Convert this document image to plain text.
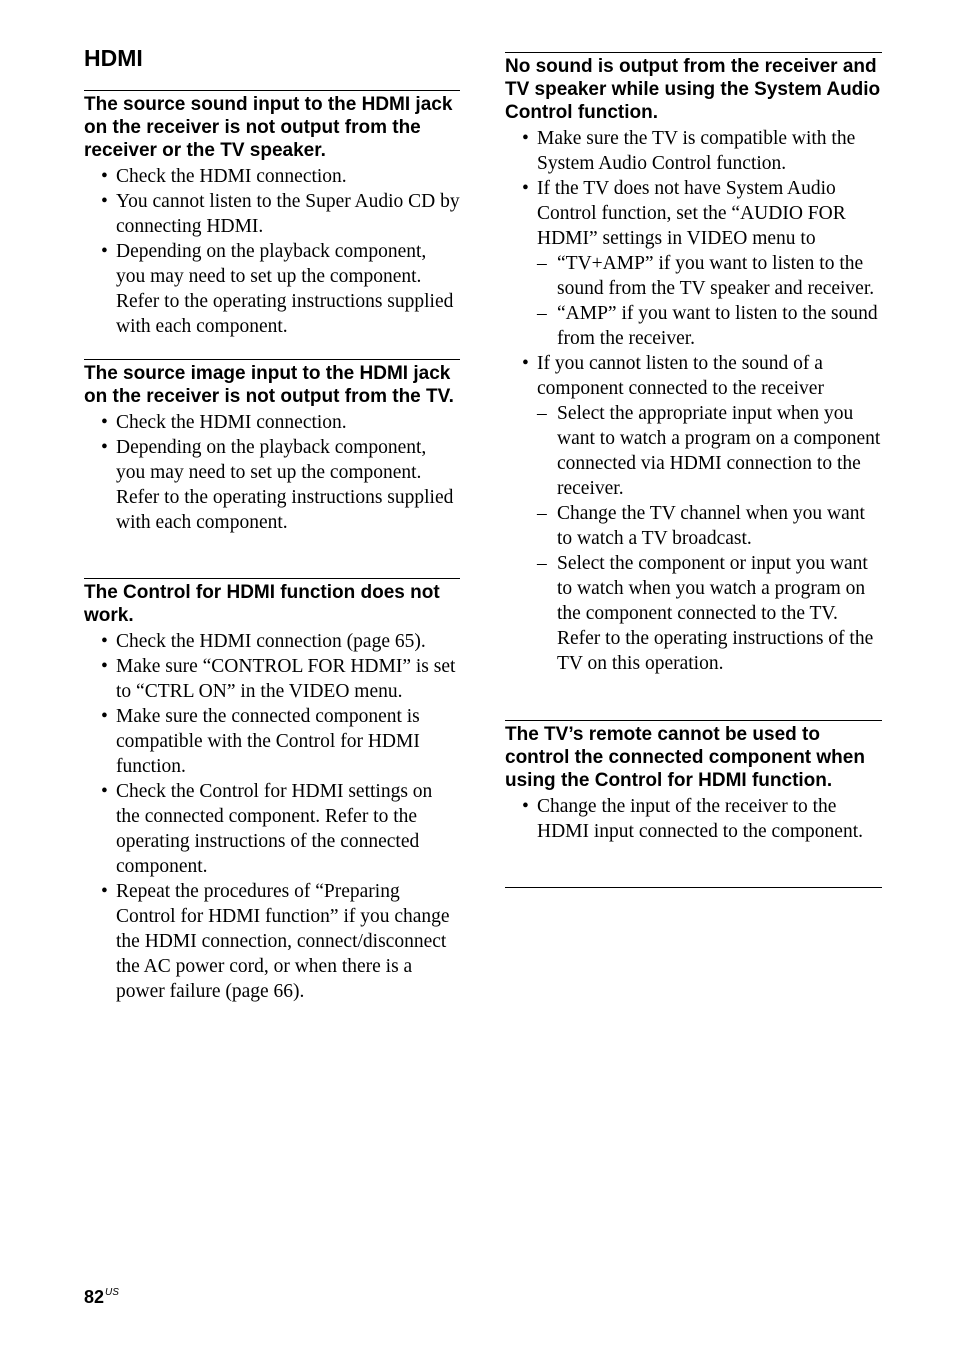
HDMI
The source sound input to the HDMI jack on the receiver is not output from the receiver or the TV speaker.
• Check the HDMI connection.
• You cannot listen to the Super Audio CD by connecting HDMI.
• Depending on the playback component, you may need to set up the component. Refer to the operating instructions supplied with each component.
The source image input to the HDMI jack on the receiver is not output from the TV.
• Check the HDMI connection.
• Depending on the playback component, you may need to set up the component. Refer to the operating instructions supplied with each component.
The Control for HDMI function does not work.
• Check the HDMI connection (page 65).
• Make sure “CONTROL FOR HDMI” is set to “CTRL ON” in the VIDEO menu.
• Make sure the connected component is compatible with the Control for HDMI function.
• Check the Control for HDMI settings on the connected component. Refer to the operating instructions of the connected component.
• Repeat the procedures of “Preparing Control for HDMI function” if you change the HDMI connection, connect/disconnect the AC power cord, or when there is a power failure (page 66).
No sound is output from the receiver and TV speaker while using the System Audio Control function.
• Make sure the TV is compatible with the System Audio Control function.
• If the TV does not have System Audio Control function, set the “AUDIO FOR HDMI” settings in VIDEO menu to
– “TV+AMP” if you want to listen to the sound from the TV speaker and receiver.
– “AMP” if you want to listen to the sound from the receiver.
• If you cannot listen to the sound of a component connected to the receiver
– Select the appropriate input when you want to watch a program on a component connected via HDMI connection to the receiver.
– Change the TV channel when you want to watch a TV broadcast.
– Select the component or input you want to watch when you watch a program on the component connected to the TV. Refer to the operating instructions of the TV on this operation.
The TV’s remote cannot be used to control the connected component when using the Control for HDMI function.
• Change the input of the receiver to the HDMI input connected to the component.
$82^{US}$
